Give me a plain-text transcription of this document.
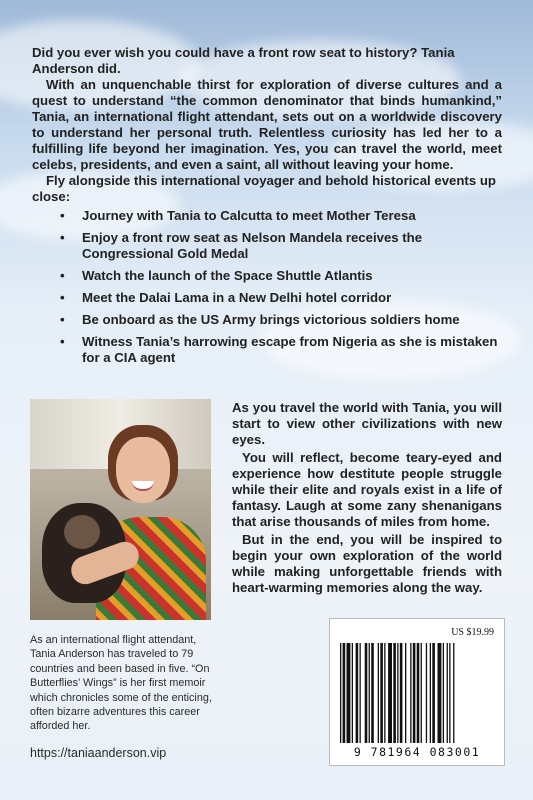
Did you ever wish you could have a front row seat to history? Tania Anderson did.

With an unquenchable thirst for exploration of diverse cultures and a quest to understand “the common denominator that binds humankind,” Tania, an international flight attendant, sets out on a worldwide discovery to understand her personal truth. Relentless curiosity has led her to a fulfilling life beyond her imagination. Yes, you can travel the world, meet celebs, presidents, and even a saint, all without leaving your home.

Fly alongside this international voyager and behold historical events up close:

• Journey with Tania to Calcutta to meet Mother Teresa
• Enjoy a front row seat as Nelson Mandela receives the Congressional Gold Medal
• Watch the launch of the Space Shuttle Atlantis
• Meet the Dalai Lama in a New Delhi hotel corridor
• Be onboard as the US Army brings victorious soldiers home
• Witness Tania’s harrowing escape from Nigeria as she is mistaken for a CIA agent

As you travel the world with Tania, you will start to view other civilizations with new eyes.

You will reflect, become teary-eyed and experience how destitute people struggle while their elite and royals exist in a life of fantasy. Laugh at some zany shenanigans that arise thousands of miles from home.

But in the end, you will be inspired to begin your own exploration of the world while making unforgettable friends with heart-warming memories along the way.

As an international flight attendant, Tania Anderson has traveled to 79 countries and been based in five. “On Butterflies’ Wings” is her first memoir which chronicles some of the enticing, often bizarre adventures this career afforded her.

https://taniaanderson.vip
US $19.99
9 781964 083001
